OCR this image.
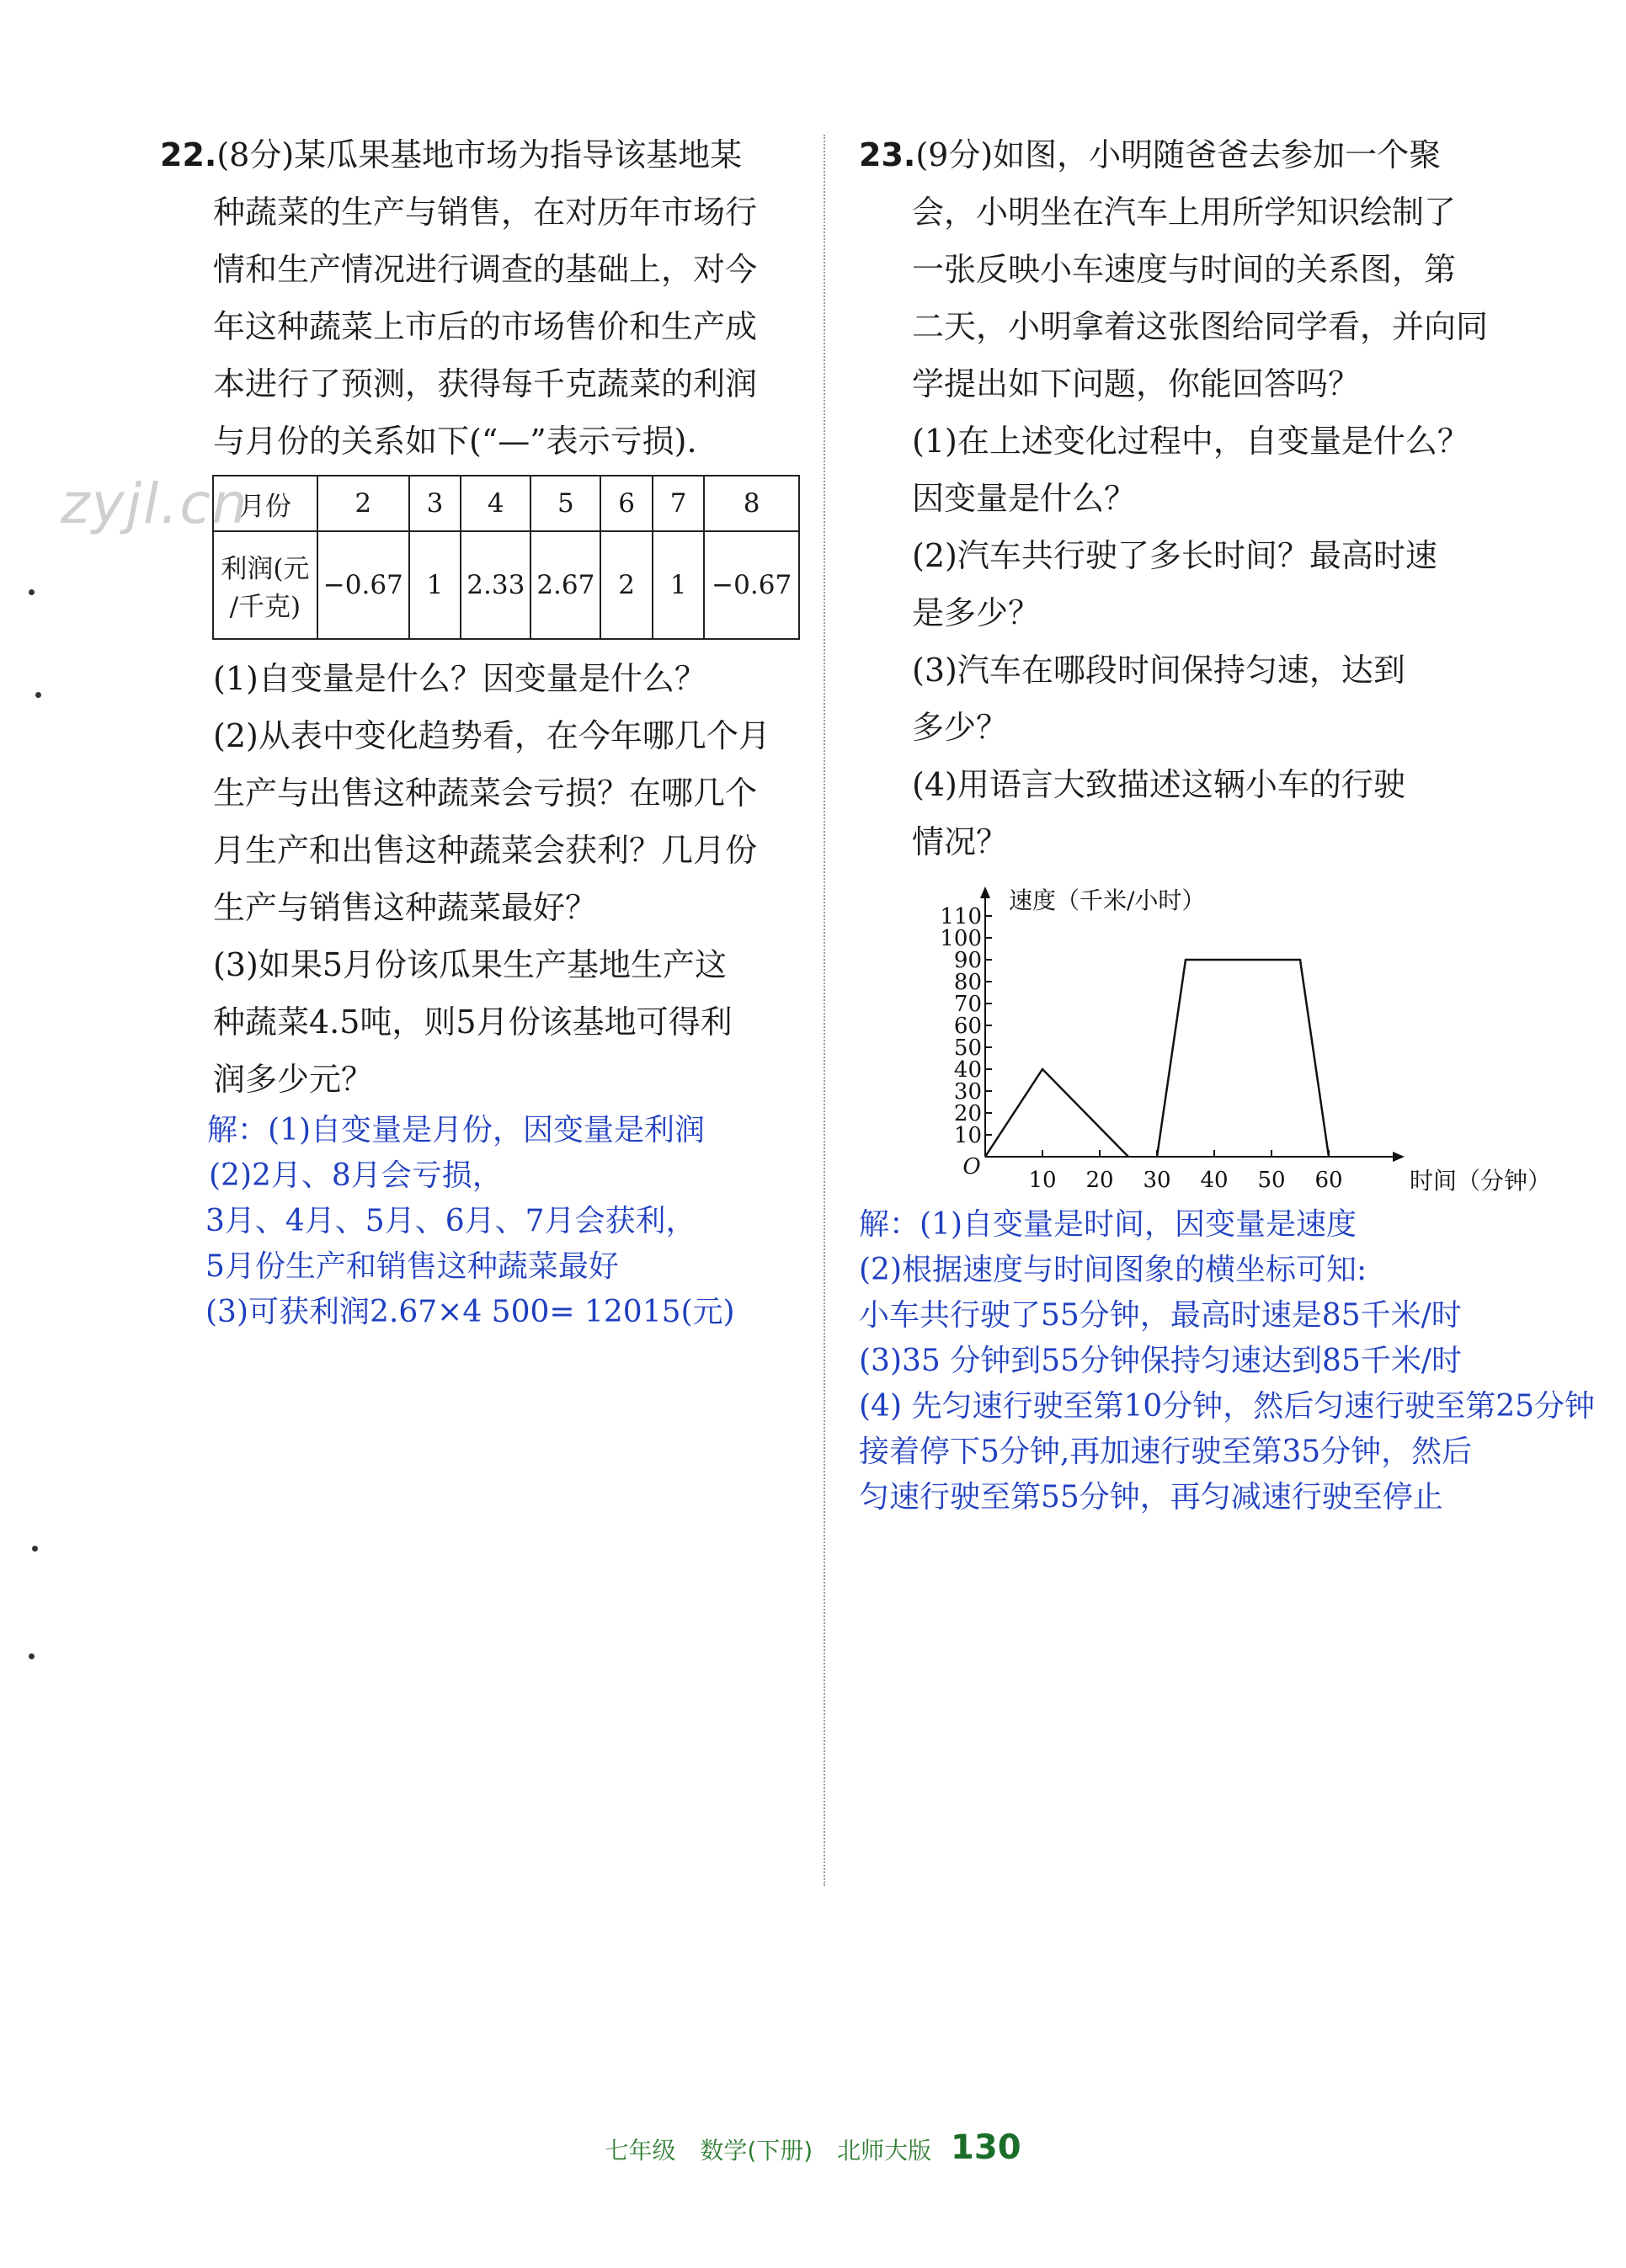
zyjl.cn
22.(8分)某瓜果基地市场为指导该基地某
种蔬菜的生产与销售，在对历年市场行
情和生产情况进行调查的基础上，对今
年这种蔬菜上市后的市场售价和生产成
本进行了预测，获得每千克蔬菜的利润
与月份的关系如下(“—”表示亏损).
月份	2	3	4	5	6	7	8

利润(元
/千克)	−0.67	1	2.33	2.67	2	1	−0.67
(1)自变量是什么？因变量是什么？
(2)从表中变化趋势看，在今年哪几个月
生产与出售这种蔬菜会亏损？在哪几个
月生产和出售这种蔬菜会获利？几月份
生产与销售这种蔬菜最好？
(3)如果5月份该瓜果生产基地生产这
种蔬菜4.5吨，则5月份该基地可得利
润多少元？
解：(1)自变量是月份，因变量是利润
(2)2月、8月会亏损，
3月、4月、5月、6月、7月会获利，
5月份生产和销售这种蔬菜最好
(3)可获利润2.67×4 500= 12015(元)
23.(9分)如图，小明随爸爸去参加一个聚
会，小明坐在汽车上用所学知识绘制了
一张反映小车速度与时间的关系图，第
二天，小明拿着这张图给同学看，并向同
学提出如下问题，你能回答吗？
(1)在上述变化过程中，自变量是什么？
因变量是什么？
(2)汽车共行驶了多长时间？最高时速
是多少？
(3)汽车在哪段时间保持匀速，达到
多少？
(4)用语言大致描述这辆小车的行驶
情况？
10
20
30
40
50
60
70
80
90
100
110
10 20 30 40 50 60
O
速度（千米/小时）
时间（分钟）
解：(1)自变量是时间，因变量是速度
(2)根据速度与时间图象的横坐标可知:
小车共行驶了55分钟，最高时速是85千米/时
(3)35 分钟到55分钟保持匀速达到85千米/时
(4) 先匀速行驶至第10分钟，然后匀速行驶至第25分钟
接着停下5分钟,再加速行驶至第35分钟，然后
匀速行驶至第55分钟，再匀减速行驶至停止
七年级 数学(下册) 北师大版 130
